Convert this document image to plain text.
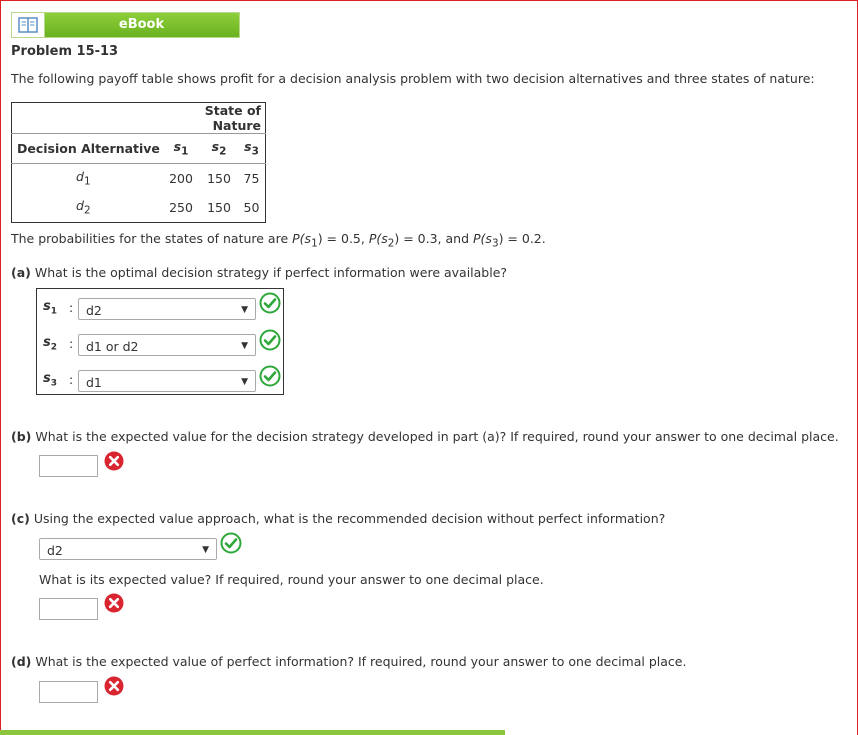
eBook
Problem 15-13
The following payoff table shows profit for a decision analysis problem with two decision alternatives and three states of nature:
	State of Nature		
Decision Alternative	$s_1$	$s_2$	$s_3$
$d_1$	200	150	75
$d_2$	250	150	50
The probabilities for the states of nature are $P(s_1) = 0.5$, $P(s_2) = 0.3$, and $P(s_3) = 0.2$.
(a) What is the optimal decision strategy if perfect information were available?
$s_1$ : d2	▼
$s_2$ : d1 or d2	▼
$s_3$ : d1	▼
(b) What is the expected value for the decision strategy developed in part (a)? If required, round your answer to one decimal place.
(c) Using the expected value approach, what is the recommended decision without perfect information?
d2	▼
What is its expected value? If required, round your answer to one decimal place.
(d) What is the expected value of perfect information? If required, round your answer to one decimal place.
